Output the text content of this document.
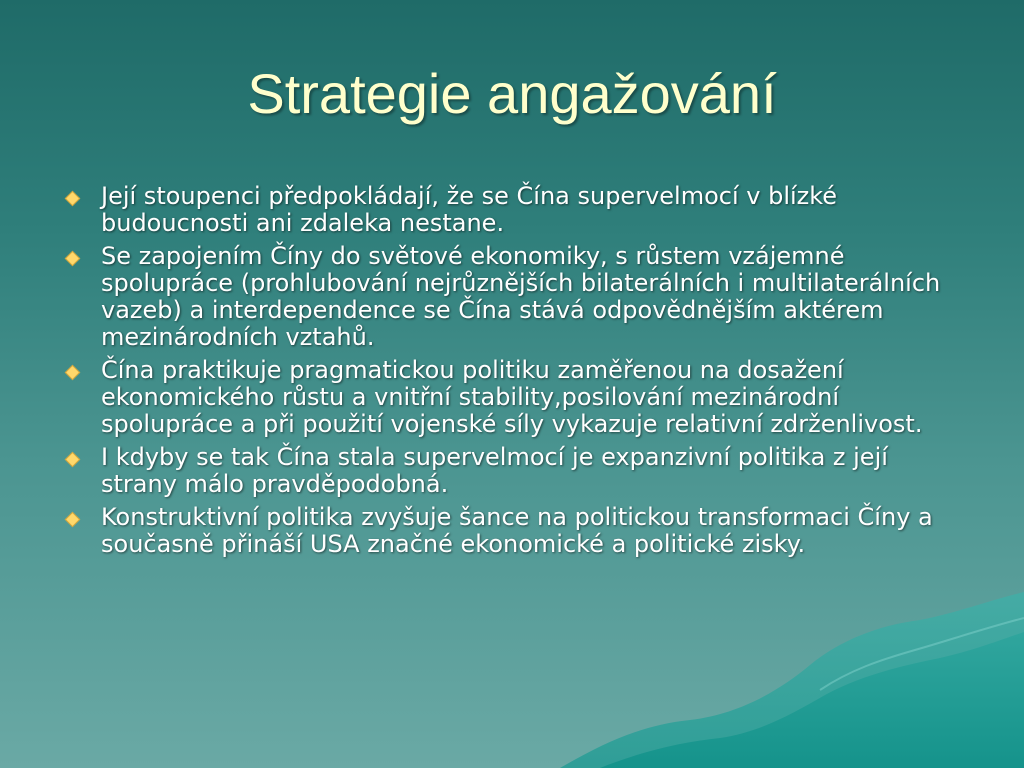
Strategie angažování
Její stoupenci předpokládají, že se Čína supervelmocí v blízké budoucnosti ani zdaleka nestane.
Se zapojením Číny do světové ekonomiky, s růstem vzájemné spolupráce (prohlubování nejrůznějších bilaterálních i multilaterálních vazeb) a interdependence se Čína stává odpovědnějším aktérem mezinárodních vztahů.
Čína praktikuje pragmatickou politiku zaměřenou na dosažení ekonomického růstu a vnitřní stability,posilování mezinárodní spolupráce a při použití vojenské síly vykazuje relativní zdrženlivost.
I kdyby se tak Čína stala supervelmocí je expanzivní politika z její strany málo pravděpodobná.
Konstruktivní politika zvyšuje šance na politickou transformaci Číny a současně přináší USA značné ekonomické a politické zisky.
